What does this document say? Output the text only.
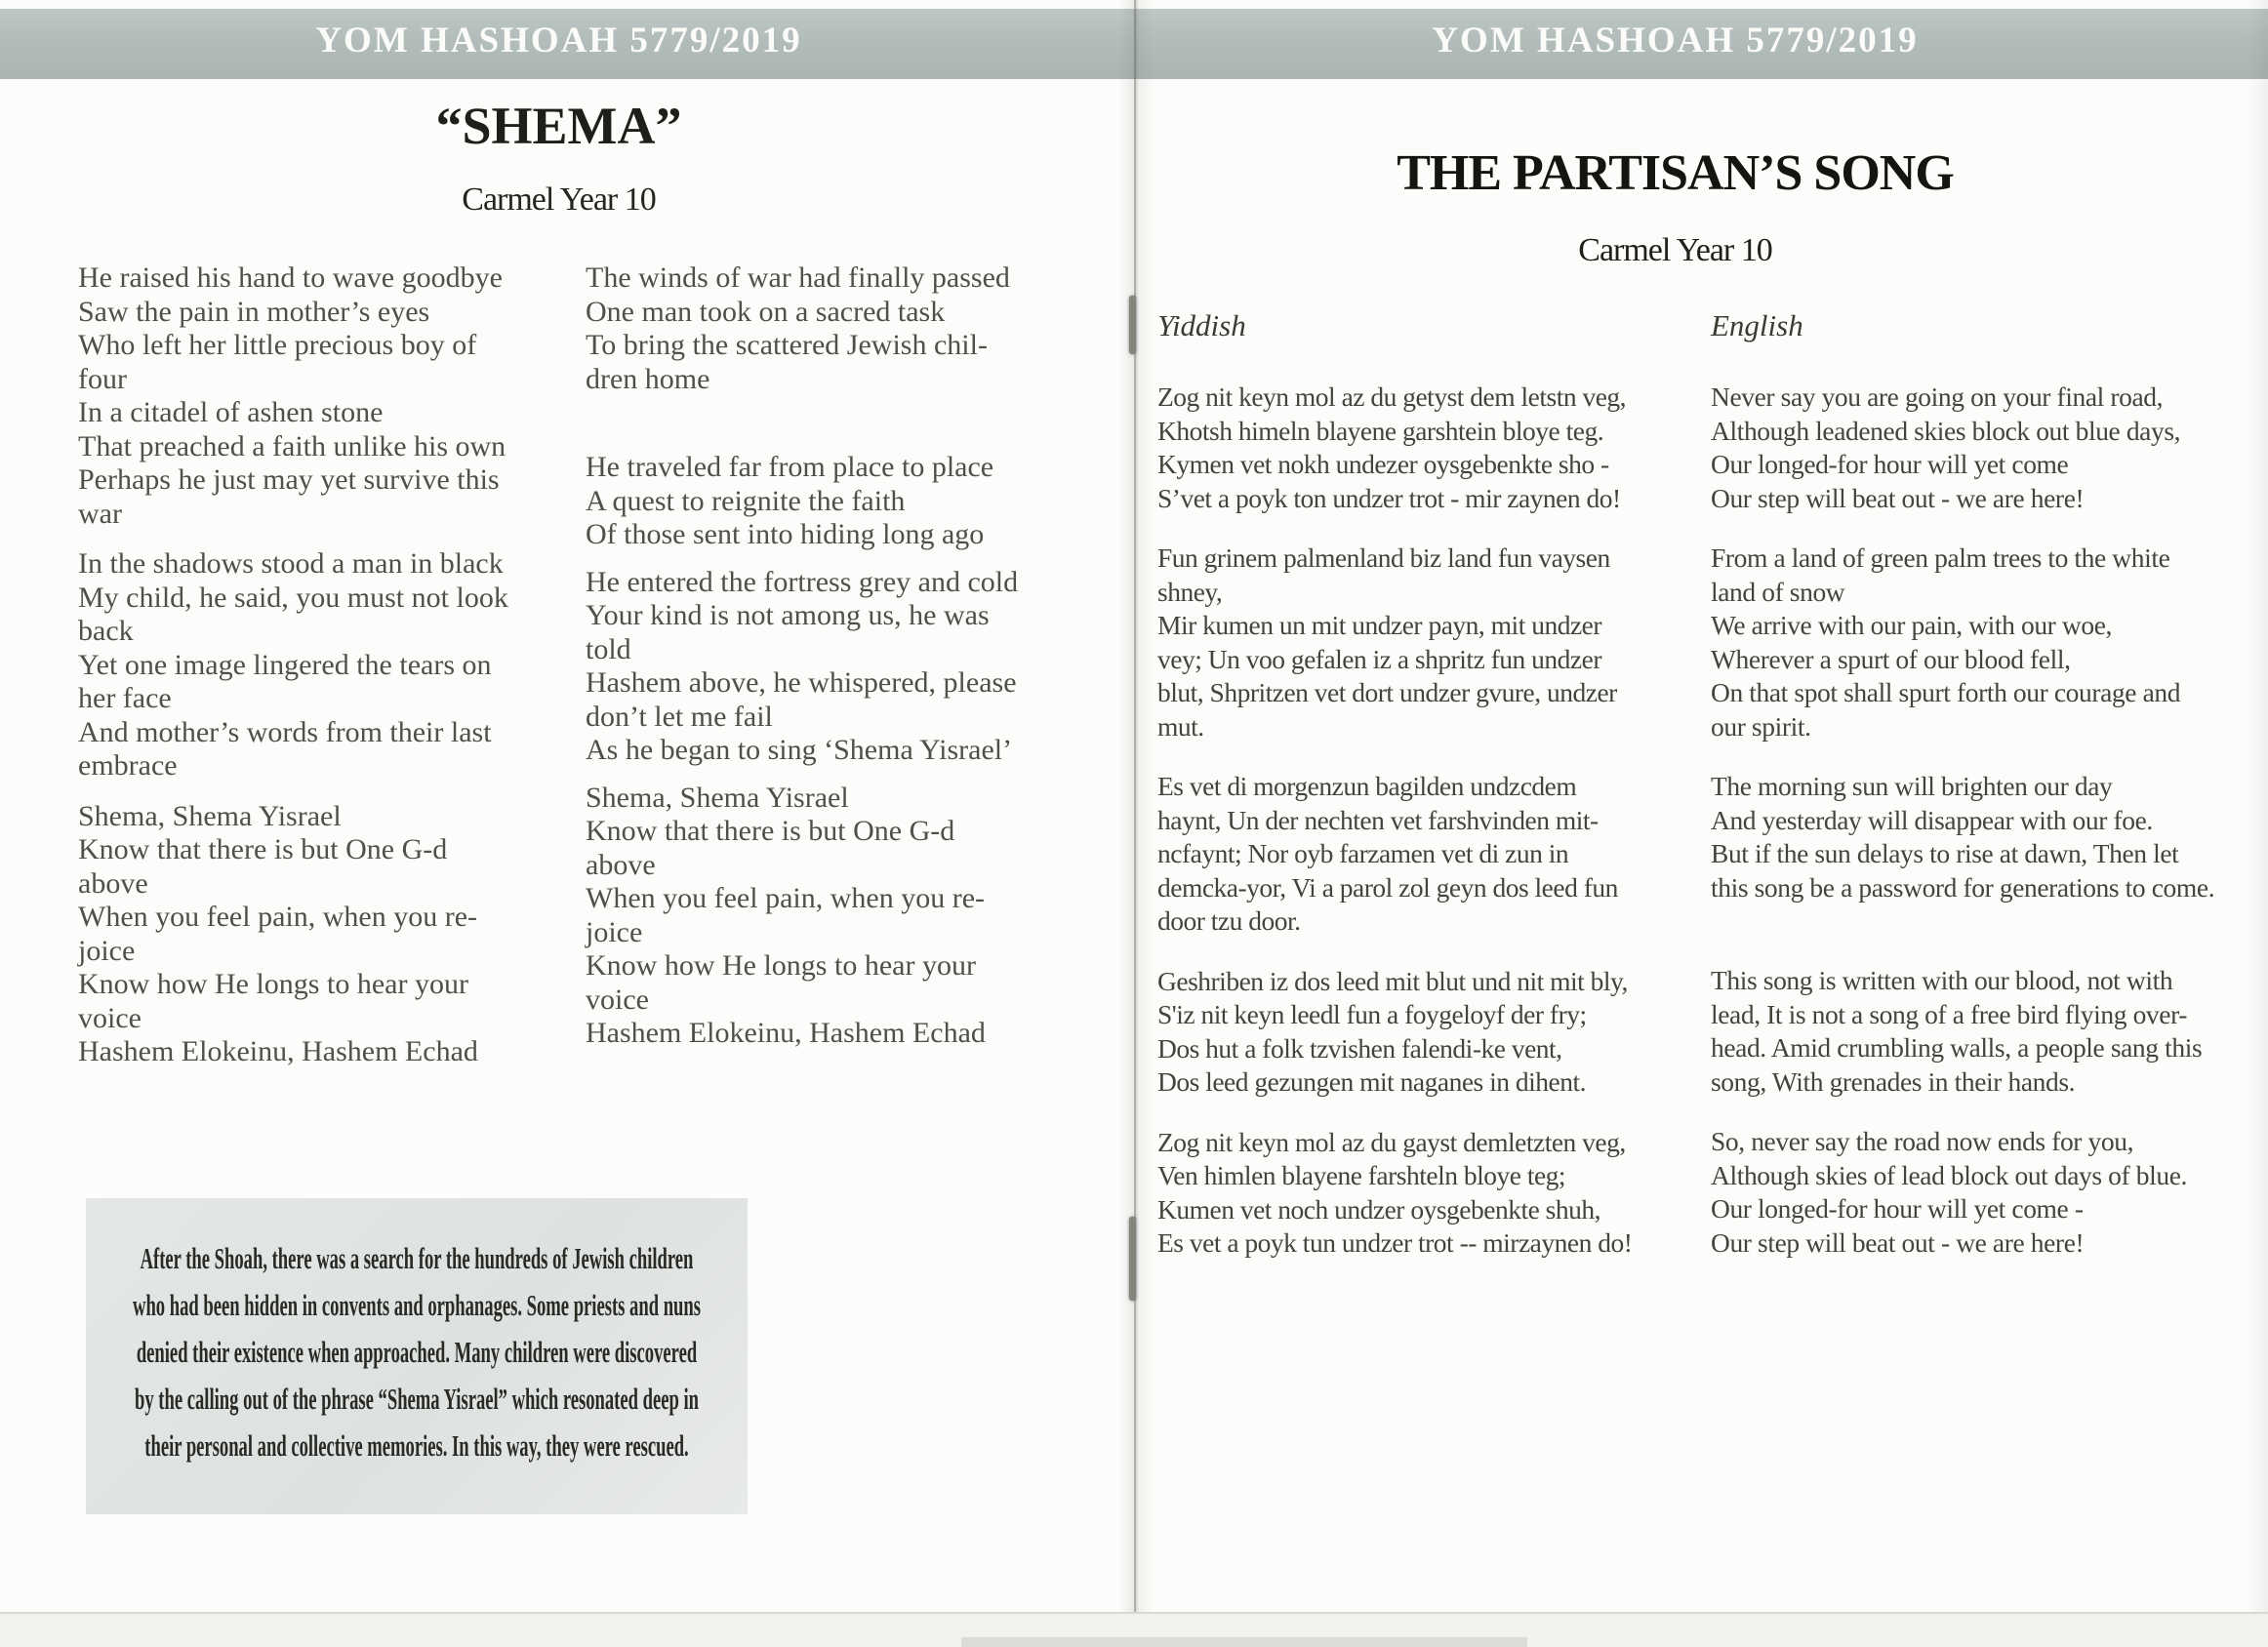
YOM HASHOAH 5779/2019	YOM HASHOAH 5779/2019
“SHEMA”
Carmel Year 10
He raised his hand to wave goodbye
Saw the pain in mother’s eyes
Who left her little precious boy of
four
In a citadel of ashen stone
That preached a faith unlike his own
Perhaps he just may yet survive this
war
In the shadows stood a man in black
My child, he said, you must not look
back
Yet one image lingered the tears on
her face
And mother’s words from their last
embrace
Shema, Shema Yisrael
Know that there is but One G-d
above
When you feel pain, when you re-
joice
Know how He longs to hear your
voice
Hashem Elokeinu, Hashem Echad
The winds of war had finally passed
One man took on a sacred task
To bring the scattered Jewish chil-
dren home
He traveled far from place to place
A quest to reignite the faith
Of those sent into hiding long ago
He entered the fortress grey and cold
Your kind is not among us, he was
told
Hashem above, he whispered, please
don’t let me fail
As he began to sing ‘Shema Yisrael’
Shema, Shema Yisrael
Know that there is but One G-d
above
When you feel pain, when you re-
joice
Know how He longs to hear your
voice
Hashem Elokeinu, Hashem Echad
After the Shoah, there was a search for the hundreds of Jewish children
who had been hidden in convents and orphanages. Some priests and nuns
denied their existence when approached. Many children were discovered
by the calling out of the phrase “Shema Yisrael” which resonated deep in
their personal and collective memories. In this way, they were rescued.
THE PARTISAN’S SONG
Carmel Year 10
Yiddish	English
Zog nit keyn mol az du getyst dem letstn veg,
Khotsh himeln blayene garshtein bloye teg.
Kymen vet nokh undezer oysgebenkte sho -
S’vet a poyk ton undzer trot - mir zaynen do!
Fun grinem palmenland biz land fun vaysen
shney,
Mir kumen un mit undzer payn, mit undzer
vey; Un voo gefalen iz a shpritz fun undzer
blut, Shpritzen vet dort undzer gvure, undzer
mut.
Es vet di morgenzun bagilden undzcdem
haynt, Un der nechten vet farshvinden mit-
ncfaynt; Nor oyb farzamen vet di zun in
demcka-yor, Vi a parol zol geyn dos leed fun
door tzu door.
Geshriben iz dos leed mit blut und nit mit bly,
S'iz nit keyn leedl fun a foygeloyf der fry;
Dos hut a folk tzvishen falendi-ke vent,
Dos leed gezungen mit naganes in dihent.
Zog nit keyn mol az du gayst demletzten veg,
Ven himlen blayene farshteln bloye teg;
Kumen vet noch undzer oysgebenkte shuh,
Es vet a poyk tun undzer trot -- mirzaynen do!
Never say you are going on your final road,
Although leadened skies block out blue days,
Our longed-for hour will yet come
Our step will beat out - we are here!
From a land of green palm trees to the white
land of snow
We arrive with our pain, with our woe,
Wherever a spurt of our blood fell,
On that spot shall spurt forth our courage and
our spirit.
The morning sun will brighten our day
And yesterday will disappear with our foe.
But if the sun delays to rise at dawn, Then let
this song be a password for generations to come.
This song is written with our blood, not with
lead, It is not a song of a free bird flying over-
head. Amid crumbling walls, a people sang this
song, With grenades in their hands.
So, never say the road now ends for you,
Although skies of lead block out days of blue.
Our longed-for hour will yet come -
Our step will beat out - we are here!
